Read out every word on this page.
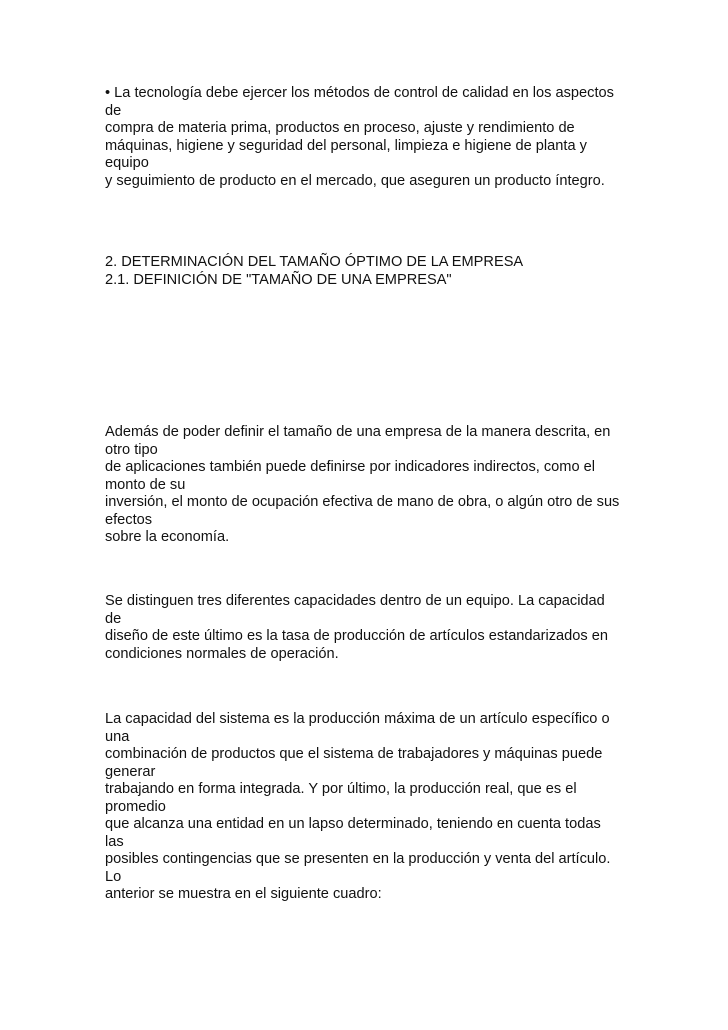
• La tecnología debe ejercer los métodos de control de calidad en los aspectos
de
compra de materia prima, productos en proceso, ajuste y rendimiento de
máquinas, higiene y seguridad del personal, limpieza e higiene de planta y
equipo
y seguimiento de producto en el mercado, que aseguren un producto íntegro.
2. DETERMINACIÓN DEL TAMAÑO ÓPTIMO DE LA EMPRESA
2.1. DEFINICIÓN DE "TAMAÑO DE UNA EMPRESA"
Además de poder definir el tamaño de una empresa de la manera descrita, en
otro tipo
de aplicaciones también puede definirse por indicadores indirectos, como el
monto de su
inversión, el monto de ocupación efectiva de mano de obra, o algún otro de sus
efectos
sobre la economía.
Se distinguen tres diferentes capacidades dentro de un equipo. La capacidad
de
diseño de este último es la tasa de producción de artículos estandarizados en
condiciones normales de operación.
La capacidad del sistema es la producción máxima de un artículo específico o
una
combinación de productos que el sistema de trabajadores y máquinas puede
generar
trabajando en forma integrada. Y por último, la producción real, que es el
promedio
que alcanza una entidad en un lapso determinado, teniendo en cuenta todas
las
posibles contingencias que se presenten en la producción y venta del artículo.
Lo
anterior se muestra en el siguiente cuadro:
